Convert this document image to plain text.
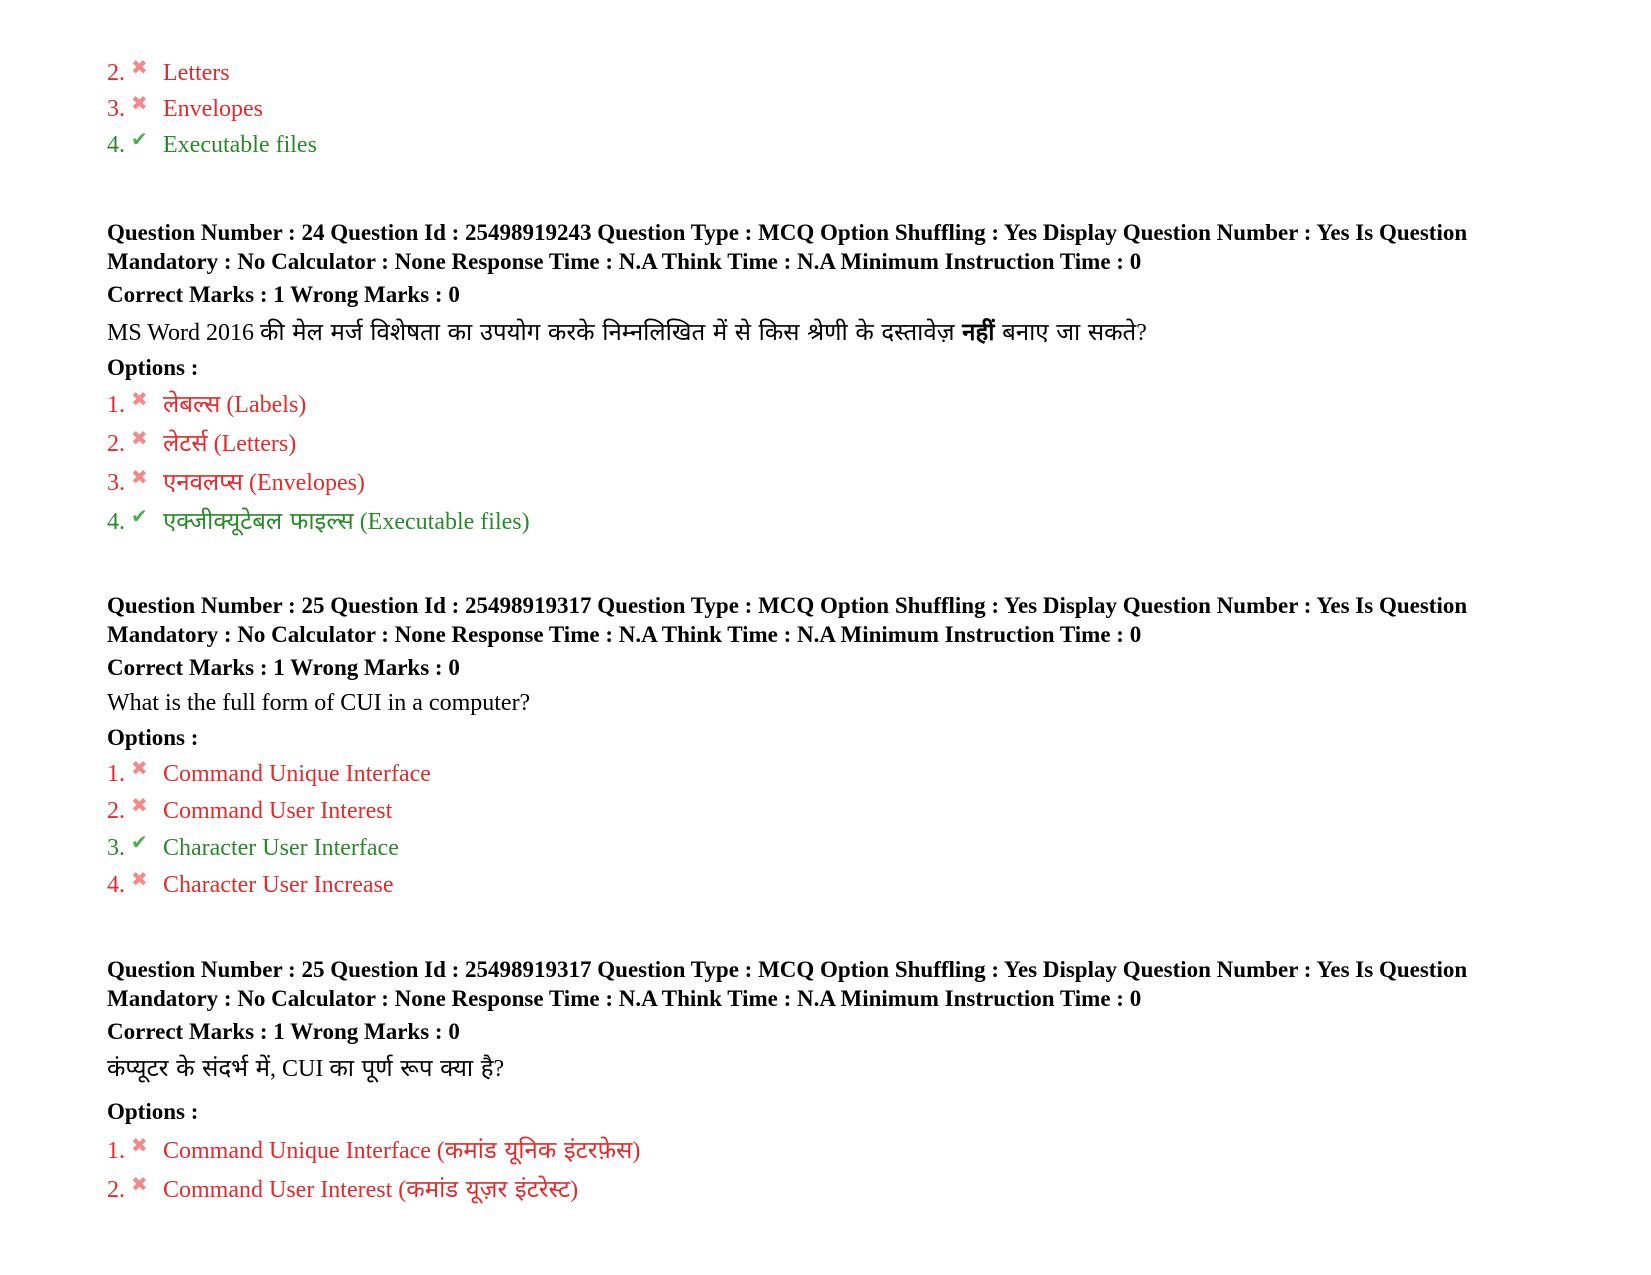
2. ✖ Letters
3. ✖ Envelopes
4. ✔ Executable files
Question Number : 24 Question Id : 25498919243 Question Type : MCQ Option Shuffling : Yes Display Question Number : Yes Is Question Mandatory : No Calculator : None Response Time : N.A Think Time : N.A Minimum Instruction Time : 0
Correct Marks : 1 Wrong Marks : 0
MS Word 2016 की मेल मर्ज विशेषता का उपयोग करके निम्नलिखित में से किस श्रेणी के दस्तावेज़ नहीं बनाए जा सकते?
Options :
1. ✖ लेबल्स (Labels)
2. ✖ लेटर्स (Letters)
3. ✖ एनवलप्स (Envelopes)
4. ✔ एक्जीक्यूटेबल फाइल्स (Executable files)
Question Number : 25 Question Id : 25498919317 Question Type : MCQ Option Shuffling : Yes Display Question Number : Yes Is Question Mandatory : No Calculator : None Response Time : N.A Think Time : N.A Minimum Instruction Time : 0
Correct Marks : 1 Wrong Marks : 0
What is the full form of CUI in a computer?
Options :
1. ✖ Command Unique Interface
2. ✖ Command User Interest
3. ✔ Character User Interface
4. ✖ Character User Increase
Question Number : 25 Question Id : 25498919317 Question Type : MCQ Option Shuffling : Yes Display Question Number : Yes Is Question Mandatory : No Calculator : None Response Time : N.A Think Time : N.A Minimum Instruction Time : 0
Correct Marks : 1 Wrong Marks : 0
कंप्यूटर के संदर्भ में, CUI का पूर्ण रूप क्या है?
Options :
1. ✖ Command Unique Interface (कमांड यूनिक इंटरफ़ेस)
2. ✖ Command User Interest (कमांड यूज़र इंटरेस्ट)
